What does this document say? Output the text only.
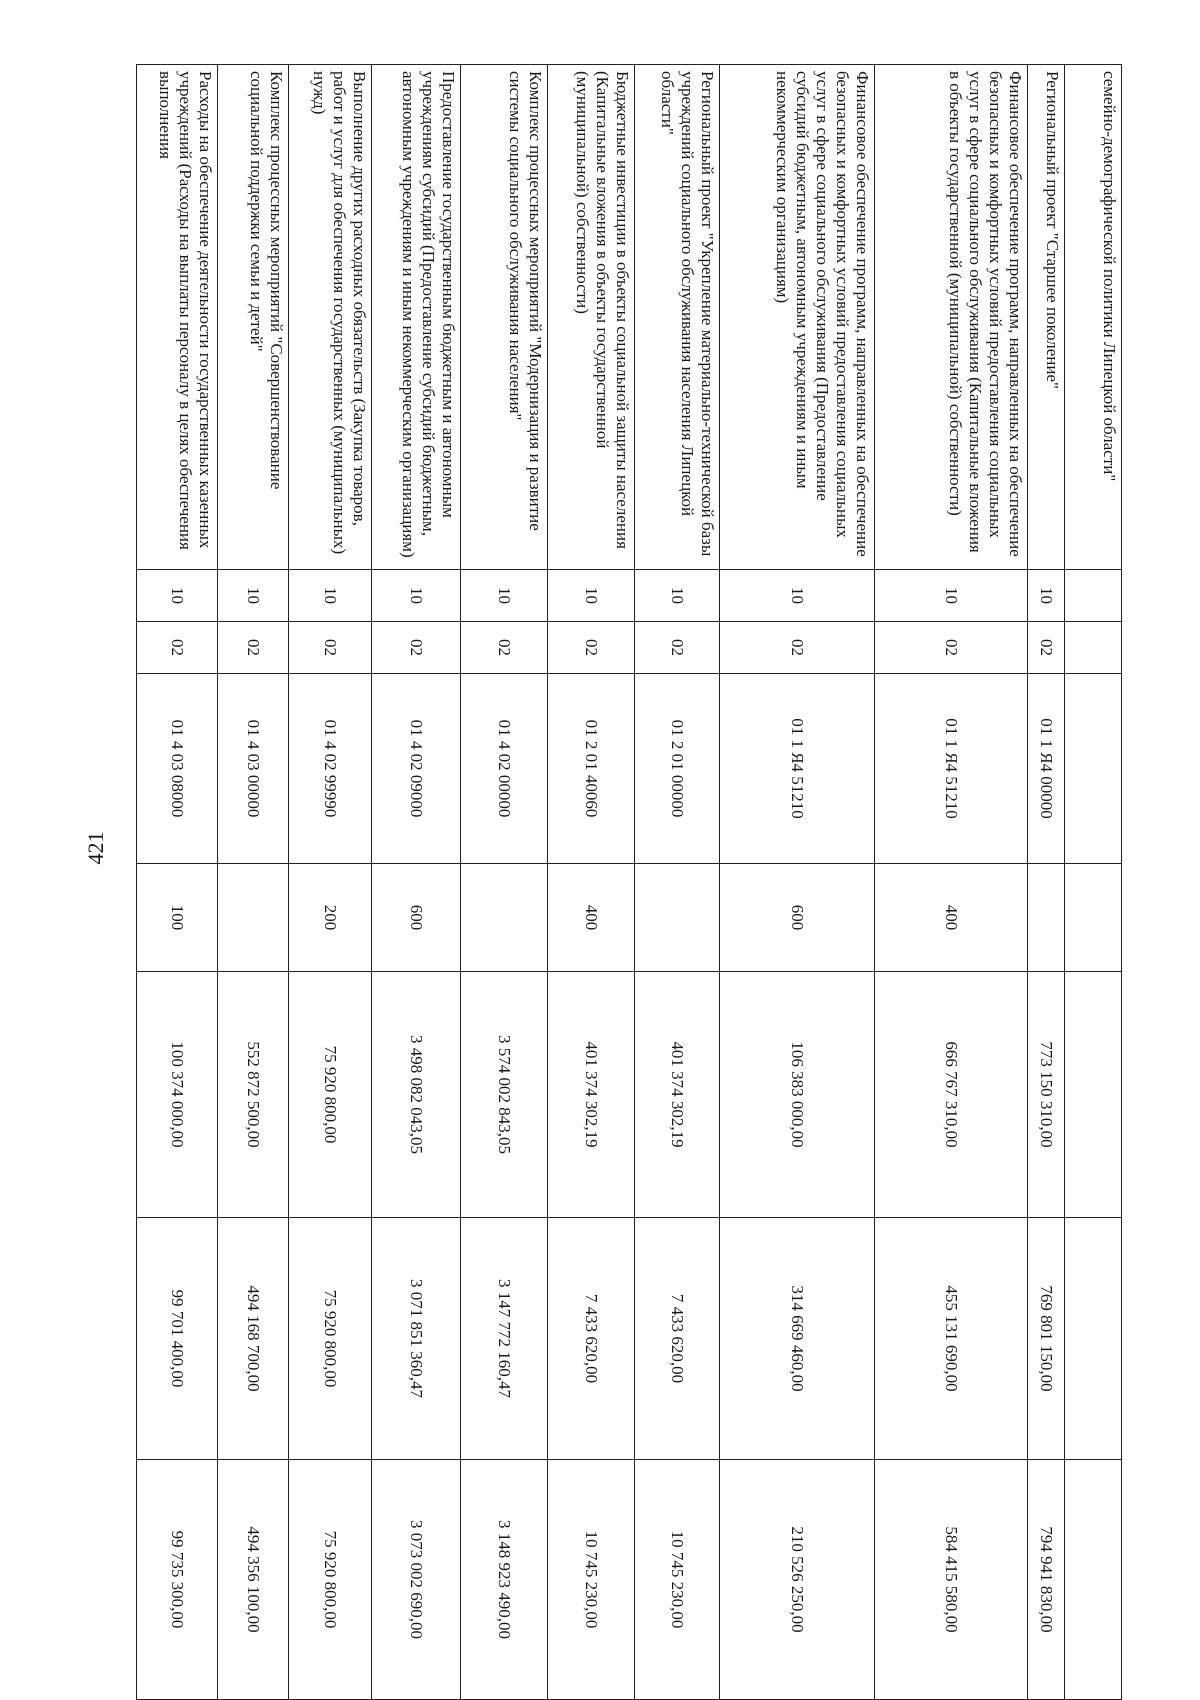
421
семейно-демографической политики Липецкой области"							
Региональный проект "Старшее поколение"	10	02	01 1 Я4 00000		773 150 310,00	769 801 150,00	794 941 830,00
Финансовое обеспечение программ, направленных на обеспечение безопасных и комфортных условий предоставления социальных услуг в сфере социального обслуживания (Капитальные вложения в объекты государственной (муниципальной) собственности)	10	02	01 1 Я4 51210	400	666 767 310,00	455 131 690,00	584 415 580,00
Финансовое обеспечение программ, направленных на обеспечение безопасных и комфортных условий предоставления социальных услуг в сфере социального обслуживания (Предоставление субсидий бюджетным, автономным учреждениям и иным некоммерческим организациям)	10	02	01 1 Я4 51210	600	106 383 000,00	314 669 460,00	210 526 250,00
Региональный проект "Укрепление материально-технической базы учреждений социального обслуживания населения Липецкой области"	10	02	01 2 01 00000		401 374 302,19	7 433 620,00	10 745 230,00
Бюджетные инвестиции в объекты социальной защиты населения (Капитальные вложения в объекты государственной (муниципальной) собственности)	10	02	01 2 01 40060	400	401 374 302,19	7 433 620,00	10 745 230,00
Комплекс процессных мероприятий "Модернизация и развитие системы социального обслуживания населения"	10	02	01 4 02 00000		3 574 002 843,05	3 147 772 160,47	3 148 923 490,00
Предоставление государственным бюджетным и автономным учреждениям субсидий (Предоставление субсидий бюджетным, автономным учреждениям и иным некоммерческим организациям)	10	02	01 4 02 09000	600	3 498 082 043,05	3 071 851 360,47	3 073 002 690,00
Выполнение других расходных обязательств (Закупка товаров, работ и услуг для обеспечения государственных (муниципальных) нужд)	10	02	01 4 02 99990	200	75 920 800,00	75 920 800,00	75 920 800,00
Комплекс процессных мероприятий "Совершенствование социальной поддержки семьи и детей"	10	02	01 4 03 00000		552 872 500,00	494 168 700,00	494 356 100,00
Расходы на обеспечение деятельности государственных казенных учреждений (Расходы на выплаты персоналу в целях обеспечения выполнения	10	02	01 4 03 08000	100	100 374 000,00	99 701 400,00	99 735 300,00
